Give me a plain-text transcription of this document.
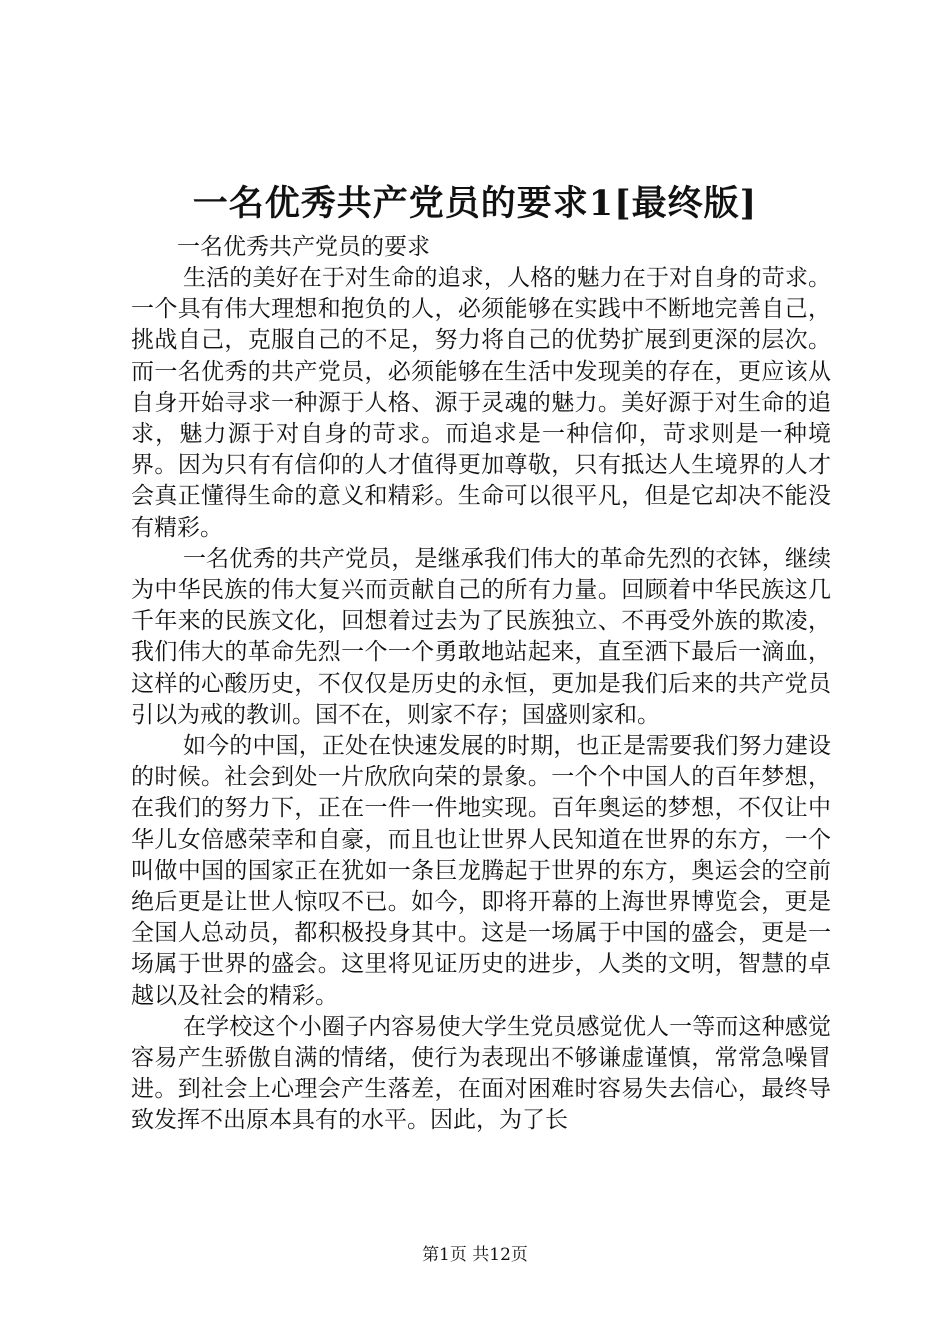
一名优秀共产党员的要求1[最终版]

一名优秀共产党员的要求

生活的美好在于对生命的追求，人格的魅力在于对自身的苛求。一个具有伟大理想和抱负的人，必须能够在实践中不断地完善自己，挑战自己，克服自己的不足，努力将自己的优势扩展到更深的层次。而一名优秀的共产党员，必须能够在生活中发现美的存在，更应该从自身开始寻求一种源于人格、源于灵魂的魅力。美好源于对生命的追求，魅力源于对自身的苛求。而追求是一种信仰，苛求则是一种境界。因为只有有信仰的人才值得更加尊敬，只有抵达人生境界的人才会真正懂得生命的意义和精彩。生命可以很平凡，但是它却决不能没有精彩。

一名优秀的共产党员，是继承我们伟大的革命先烈的衣钵，继续为中华民族的伟大复兴而贡献自己的所有力量。回顾着中华民族这几千年来的民族文化，回想着过去为了民族独立、不再受外族的欺凌，我们伟大的革命先烈一个一个勇敢地站起来，直至洒下最后一滴血，这样的心酸历史，不仅仅是历史的永恒，更加是我们后来的共产党员引以为戒的教训。国不在，则家不存；国盛则家和。

如今的中国，正处在快速发展的时期，也正是需要我们努力建设的时候。社会到处一片欣欣向荣的景象。一个个中国人的百年梦想，在我们的努力下，正在一件一件地实现。百年奥运的梦想，不仅让中华儿女倍感荣幸和自豪，而且也让世界人民知道在世界的东方，一个叫做中国的国家正在犹如一条巨龙腾起于世界的东方，奥运会的空前绝后更是让世人惊叹不已。如今，即将开幕的上海世界博览会，更是全国人总动员，都积极投身其中。这是一场属于中国的盛会，更是一场属于世界的盛会。这里将见证历史的进步，人类的文明，智慧的卓越以及社会的精彩。

在学校这个小圈子内容易使大学生党员感觉优人一等而这种感觉容易产生骄傲自满的情绪，使行为表现出不够谦虚谨慎，常常急噪冒进。到社会上心理会产生落差，在面对困难时容易失去信心，最终导致发挥不出原本具有的水平。因此，为了长

第1页 共12页
